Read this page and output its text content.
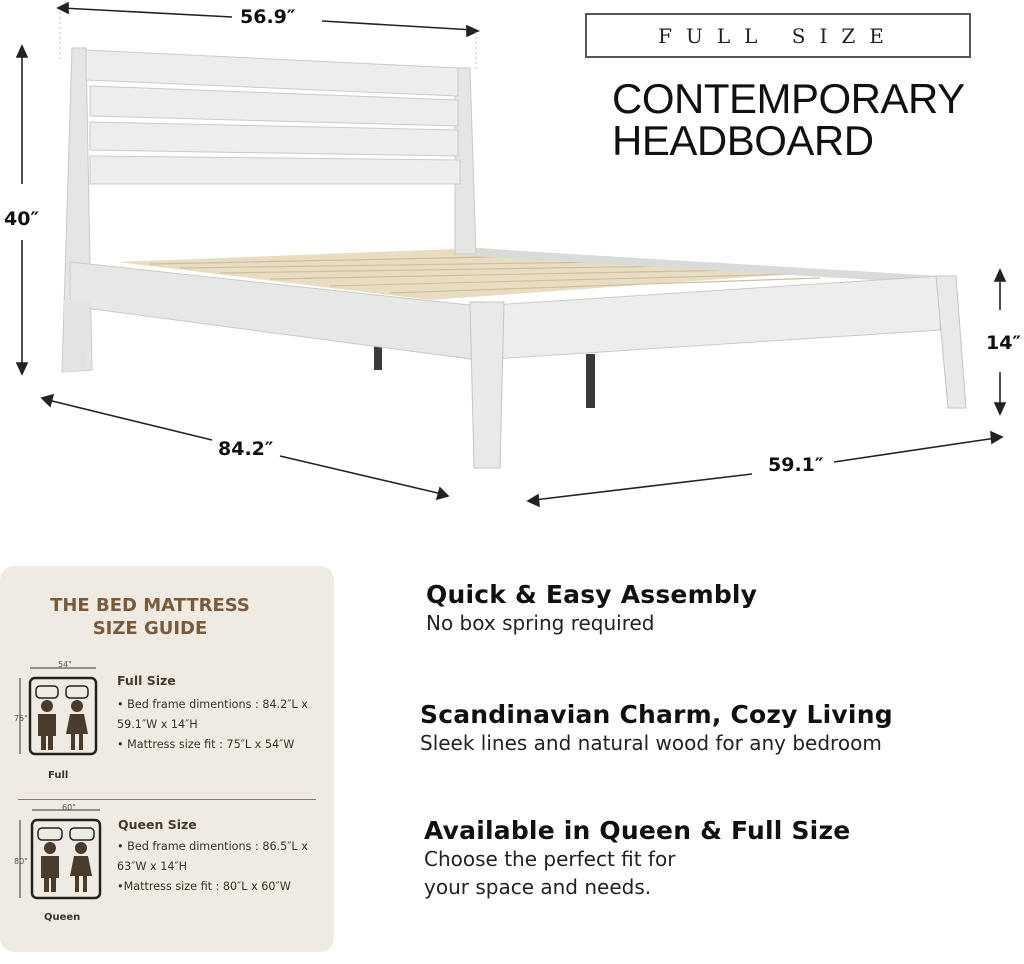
56.9″
40″
84.2″
59.1″
14″
FULL SIZE
CONTEMPORARY
HEADBOARD
THE BED MATTRESS
SIZE GUIDE
54"
75"
Full
Full Size
• Bed frame dimentions : 84.2″L x
59.1″W x 14″H
• Mattress size fit : 75″L x 54″W
60"
80"
Queen
Queen Size
• Bed frame dimentions : 86.5″L x
63″W x 14″H
•Mattress size fit : 80″L x 60″W
Quick & Easy Assembly
No box spring required
Scandinavian Charm, Cozy Living
Sleek lines and natural wood for any bedroom
Available in Queen & Full Size
Choose the perfect fit for
your space and needs.
